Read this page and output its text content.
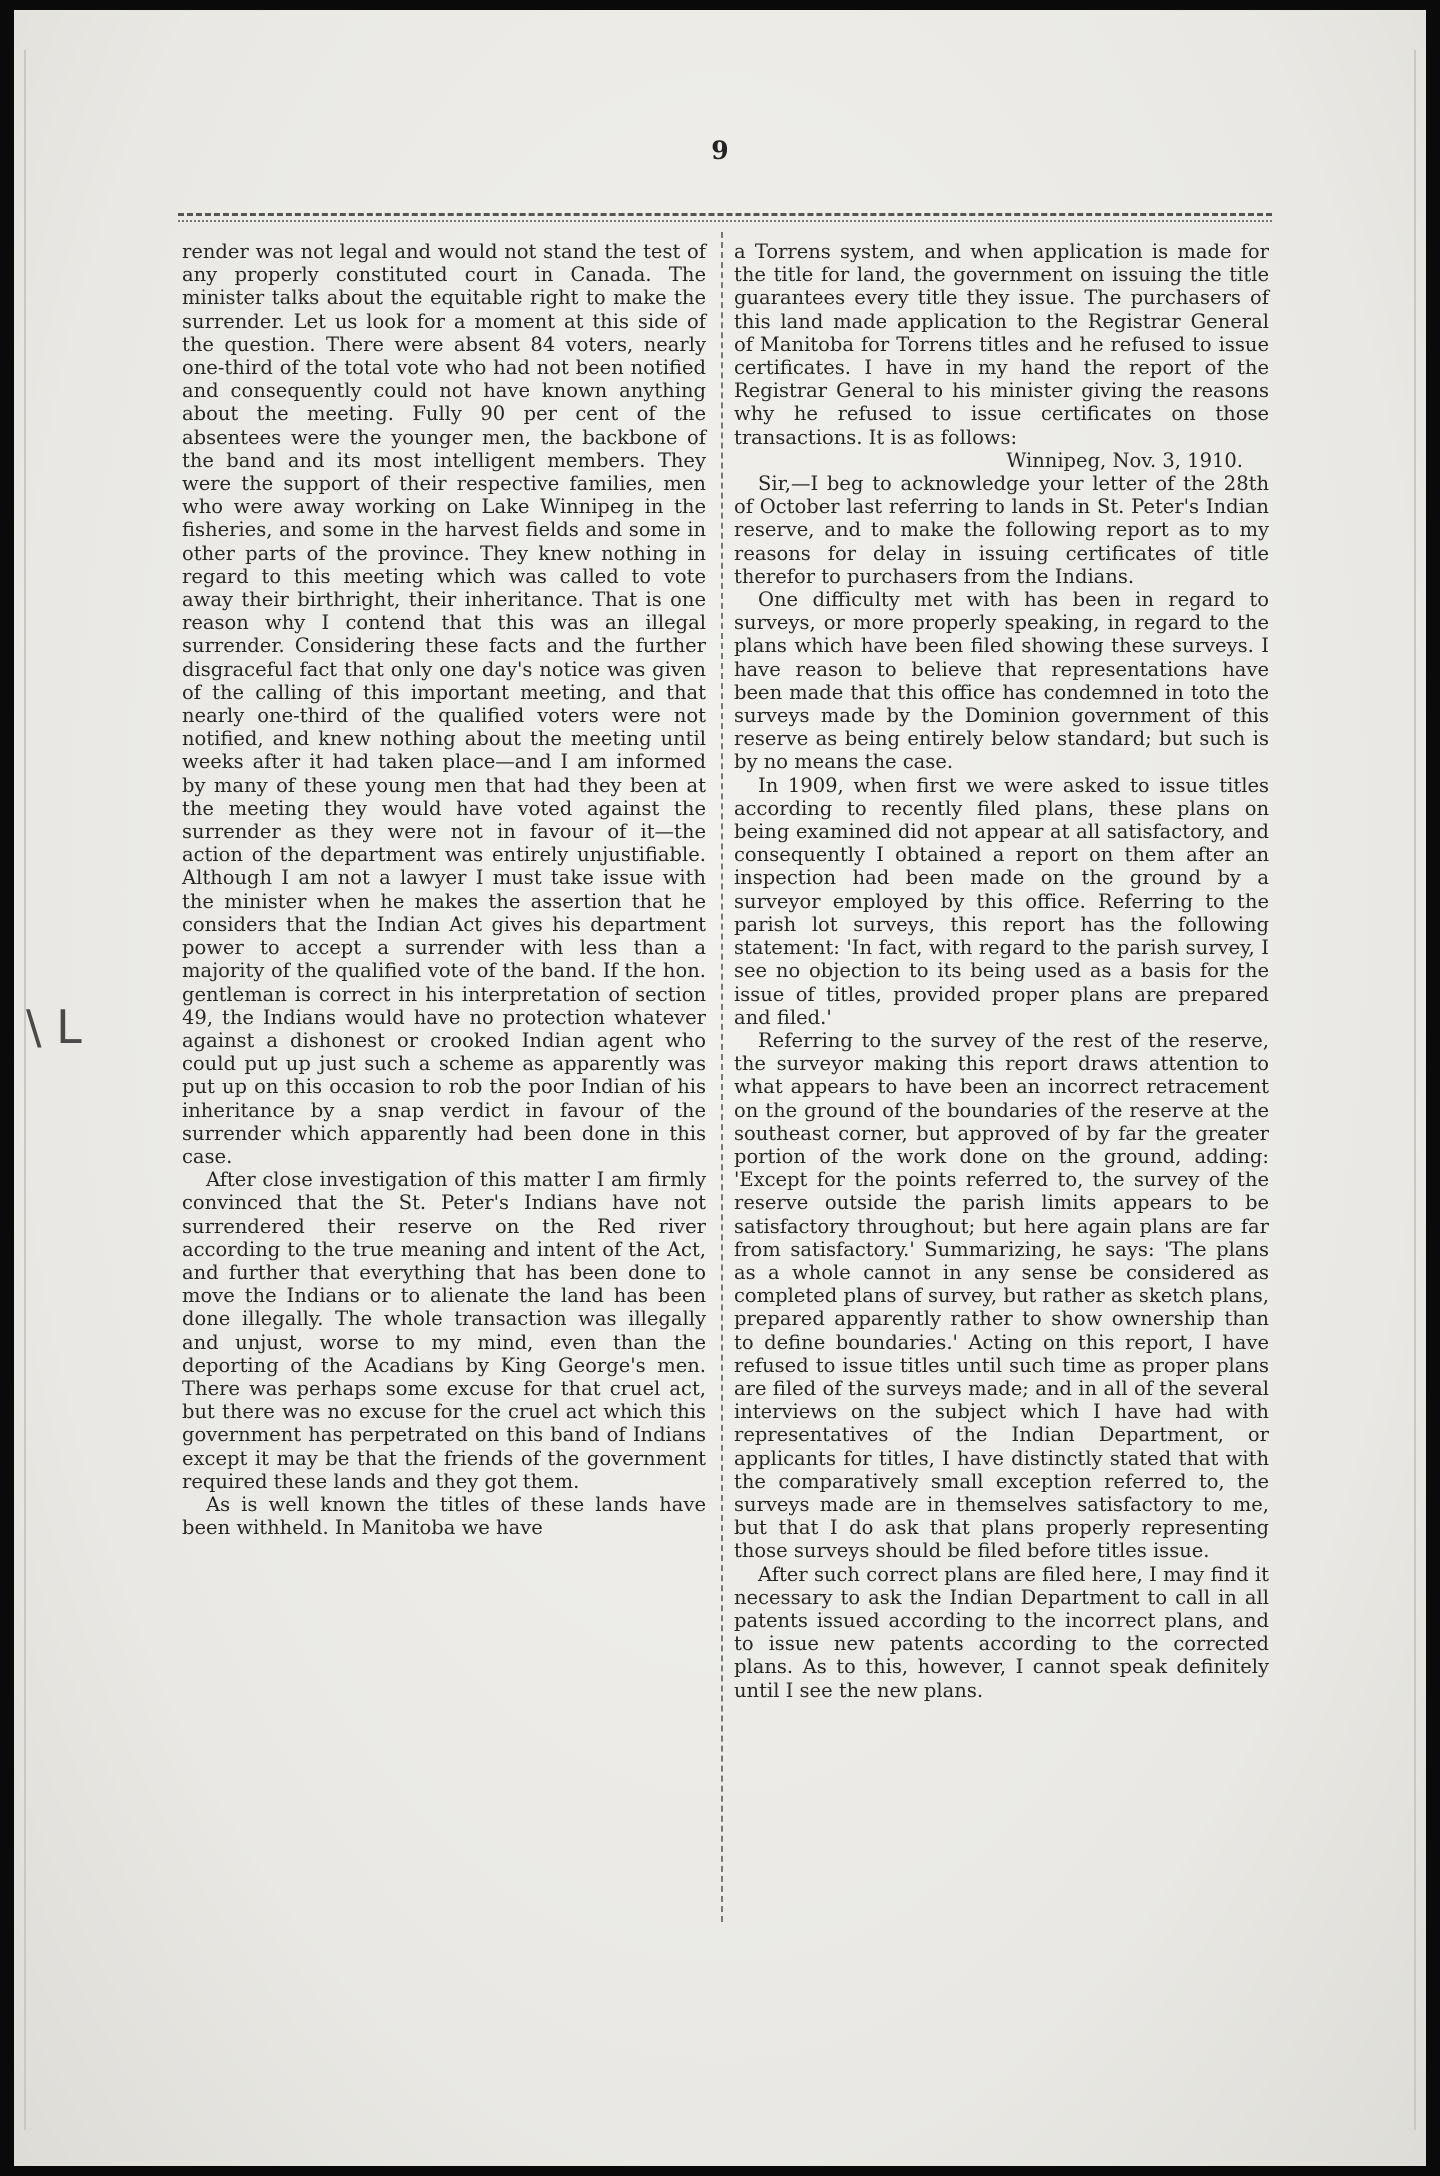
9
\ L

render was not legal and would not stand the test of any properly constituted court in Canada. The minister talks about the equitable right to make the surrender. Let us look for a moment at this side of the question. There were absent 84 voters, nearly one-third of the total vote who had not been notified and consequently could not have known anything about the meeting. Fully 90 per cent of the absentees were the younger men, the backbone of the band and its most intelligent members. They were the support of their respective families, men who were away working on Lake Winnipeg in the fisheries, and some in the harvest fields and some in other parts of the province. They knew nothing in regard to this meeting which was called to vote away their birthright, their inheritance. That is one reason why I contend that this was an illegal surrender. Considering these facts and the further disgraceful fact that only one day's notice was given of the calling of this important meeting, and that nearly one-third of the qualified voters were not notified, and knew nothing about the meeting until weeks after it had taken place—and I am informed by many of these young men that had they been at the meeting they would have voted against the surrender as they were not in favour of it—the action of the department was entirely unjustifiable. Although I am not a lawyer I must take issue with the minister when he makes the assertion that he considers that the Indian Act gives his department power to accept a surrender with less than a majority of the qualified vote of the band. If the hon. gentleman is correct in his interpretation of section 49, the Indians would have no protection whatever against a dishonest or crooked Indian agent who could put up just such a scheme as apparently was put up on this occasion to rob the poor Indian of his inheritance by a snap verdict in favour of the surrender which apparently had been done in this case.

After close investigation of this matter I am firmly convinced that the St. Peter's Indians have not surrendered their reserve on the Red river according to the true meaning and intent of the Act, and further that everything that has been done to move the Indians or to alienate the land has been done illegally. The whole transaction was illegally and unjust, worse to my mind, even than the deporting of the Acadians by King George's men. There was perhaps some excuse for that cruel act, but there was no excuse for the cruel act which this government has perpetrated on this band of Indians except it may be that the friends of the government required these lands and they got them.

As is well known the titles of these lands have been withheld. In Manitoba we have

a Torrens system, and when application is made for the title for land, the government on issuing the title guarantees every title they issue. The purchasers of this land made application to the Registrar General of Manitoba for Torrens titles and he refused to issue certificates. I have in my hand the report of the Registrar General to his minister giving the reasons why he refused to issue certificates on those transactions. It is as follows:

Winnipeg, Nov. 3, 1910.

Sir,—I beg to acknowledge your letter of the 28th of October last referring to lands in St. Peter's Indian reserve, and to make the following report as to my reasons for delay in issuing certificates of title therefor to purchasers from the Indians.

One difficulty met with has been in regard to surveys, or more properly speaking, in regard to the plans which have been filed showing these surveys. I have reason to believe that representations have been made that this office has condemned in toto the surveys made by the Dominion government of this reserve as being entirely below standard; but such is by no means the case.

In 1909, when first we were asked to issue titles according to recently filed plans, these plans on being examined did not appear at all satisfactory, and consequently I obtained a report on them after an inspection had been made on the ground by a surveyor employed by this office. Referring to the parish lot surveys, this report has the following statement: 'In fact, with regard to the parish survey, I see no objection to its being used as a basis for the issue of titles, provided proper plans are prepared and filed.'

Referring to the survey of the rest of the reserve, the surveyor making this report draws attention to what appears to have been an incorrect retracement on the ground of the boundaries of the reserve at the southeast corner, but approved of by far the greater portion of the work done on the ground, adding: 'Except for the points referred to, the survey of the reserve outside the parish limits appears to be satisfactory throughout; but here again plans are far from satisfactory.' Summarizing, he says: 'The plans as a whole cannot in any sense be considered as completed plans of survey, but rather as sketch plans, prepared apparently rather to show ownership than to define boundaries.' Acting on this report, I have refused to issue titles until such time as proper plans are filed of the surveys made; and in all of the several interviews on the subject which I have had with representatives of the Indian Department, or applicants for titles, I have distinctly stated that with the comparatively small exception referred to, the surveys made are in themselves satisfactory to me, but that I do ask that plans properly representing those surveys should be filed before titles issue.

After such correct plans are filed here, I may find it necessary to ask the Indian Department to call in all patents issued according to the incorrect plans, and to issue new patents according to the corrected plans. As to this, however, I cannot speak definitely until I see the new plans.
